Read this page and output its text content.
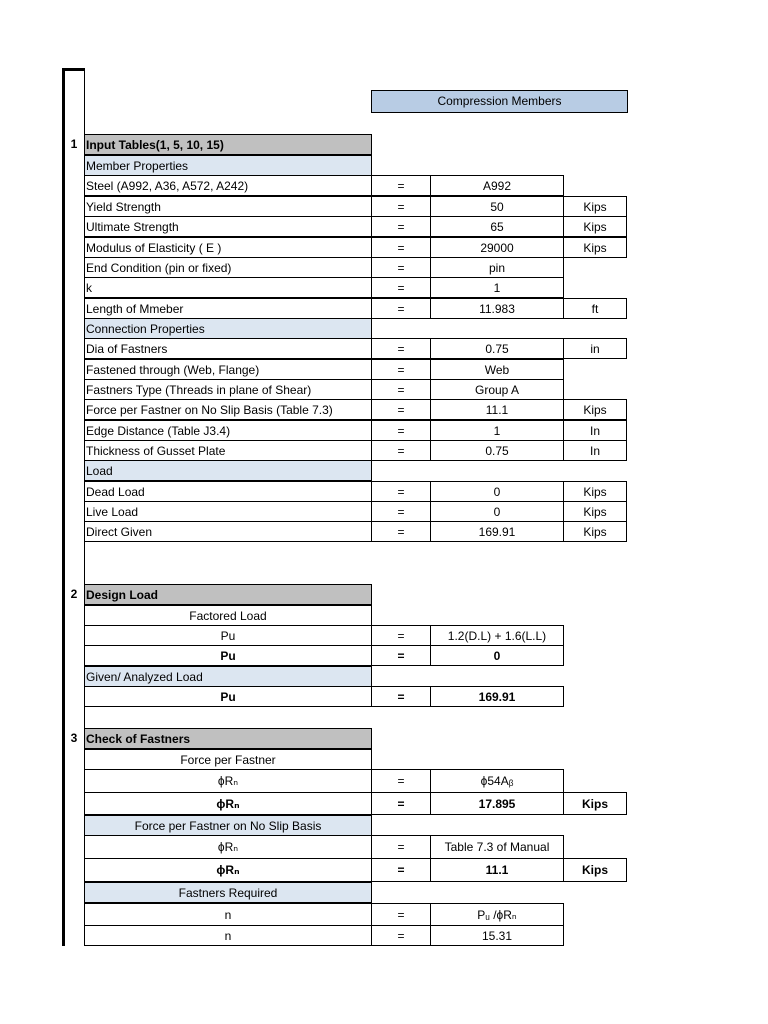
Compression Members
1 Input Tables(1, 5, 10, 15)
Member Properties
Steel (A992, A36, A572, A242)	=	A992
Yield Strength	=	50	Kips
Ultimate Strength	=	65	Kips
Modulus of Elasticity ( E )	=	29000	Kips
End Condition (pin or fixed)	=	pin
k	=	1
Length of Mmeber	=	11.983	ft
Connection Properties
Dia of Fastners	=	0.75	in
Fastened through (Web, Flange)	=	Web
Fastners Type (Threads in plane of Shear)	=	Group A
Force per Fastner on No Slip Basis (Table 7.3)	=	11.1	Kips
Edge Distance (Table J3.4)	=	1	In
Thickness of Gusset Plate	=	0.75	In
Load
Dead Load	=	0	Kips
Live Load	=	0	Kips
Direct Given	=	169.91	Kips
2 Design Load
Factored Load
Pu	=	1.2(D.L) + 1.6(L.L)
Pu	=	0
Given/ Analyzed Load
Pu	=	169.91
3 Check of Fastners
Force per Fastner
ϕRₙ	=	ϕ54Aᵦ
ϕRₙ	=	17.895	Kips
Force per Fastner on No Slip Basis
ϕRₙ	=	Table 7.3 of Manual
ϕRₙ	=	11.1	Kips
Fastners Required
n	=	Pᵤ /ϕRₙ
n	=	15.31
